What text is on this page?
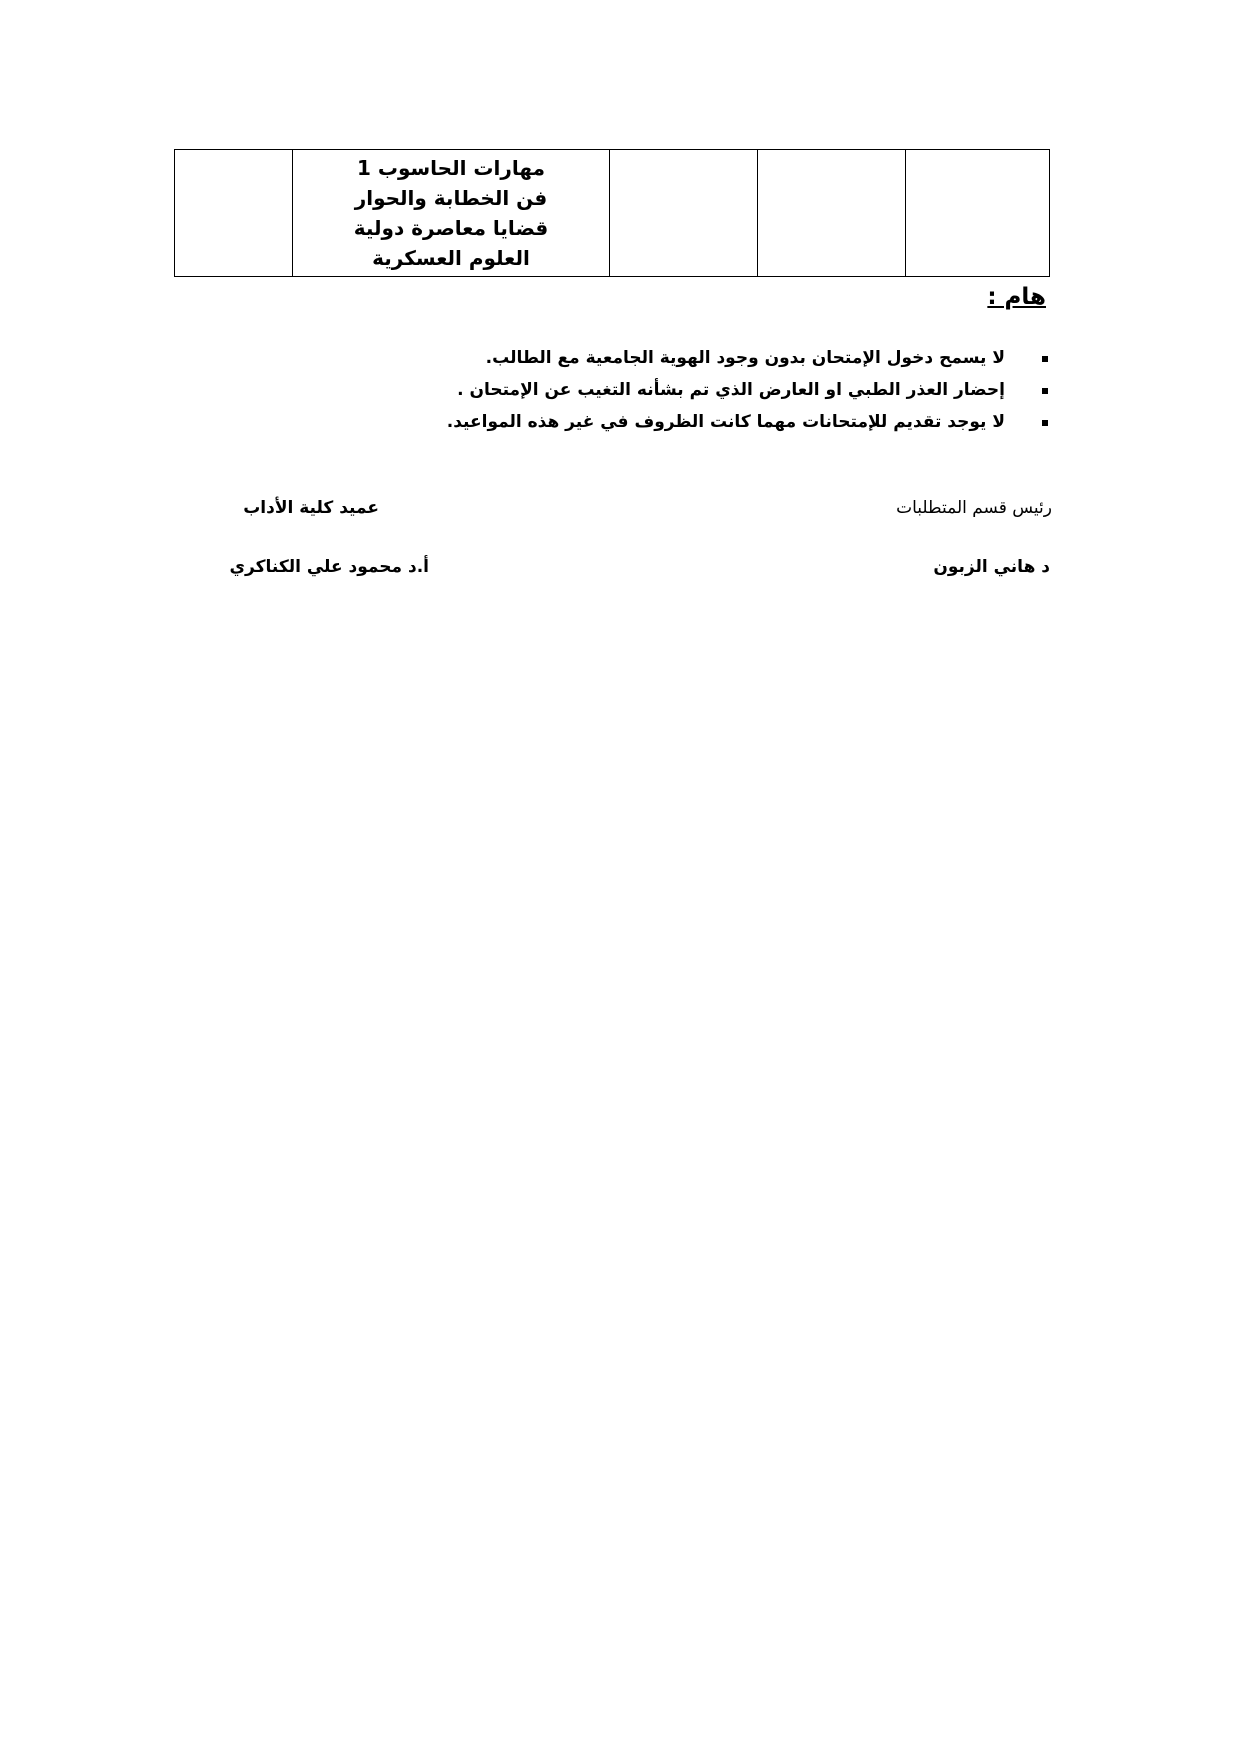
مهارات الحاسوب 1
فن الخطابة والحوار
قضايا معاصرة دولية
العلوم العسكرية

هام :
لا يسمح دخول الإمتحان بدون وجود الهوية الجامعية مع الطالب.
إحضار العذر الطبي او العارض الذي تم بشأنه التغيب عن الإمتحان .
لا يوجد تقديم للإمتحانات مهما كانت الظروف في غير هذه المواعيد.
رئيس قسم المتطلبات
عميد كلية الأداب
د هاني الزبون
أ.د محمود علي الكناكري
